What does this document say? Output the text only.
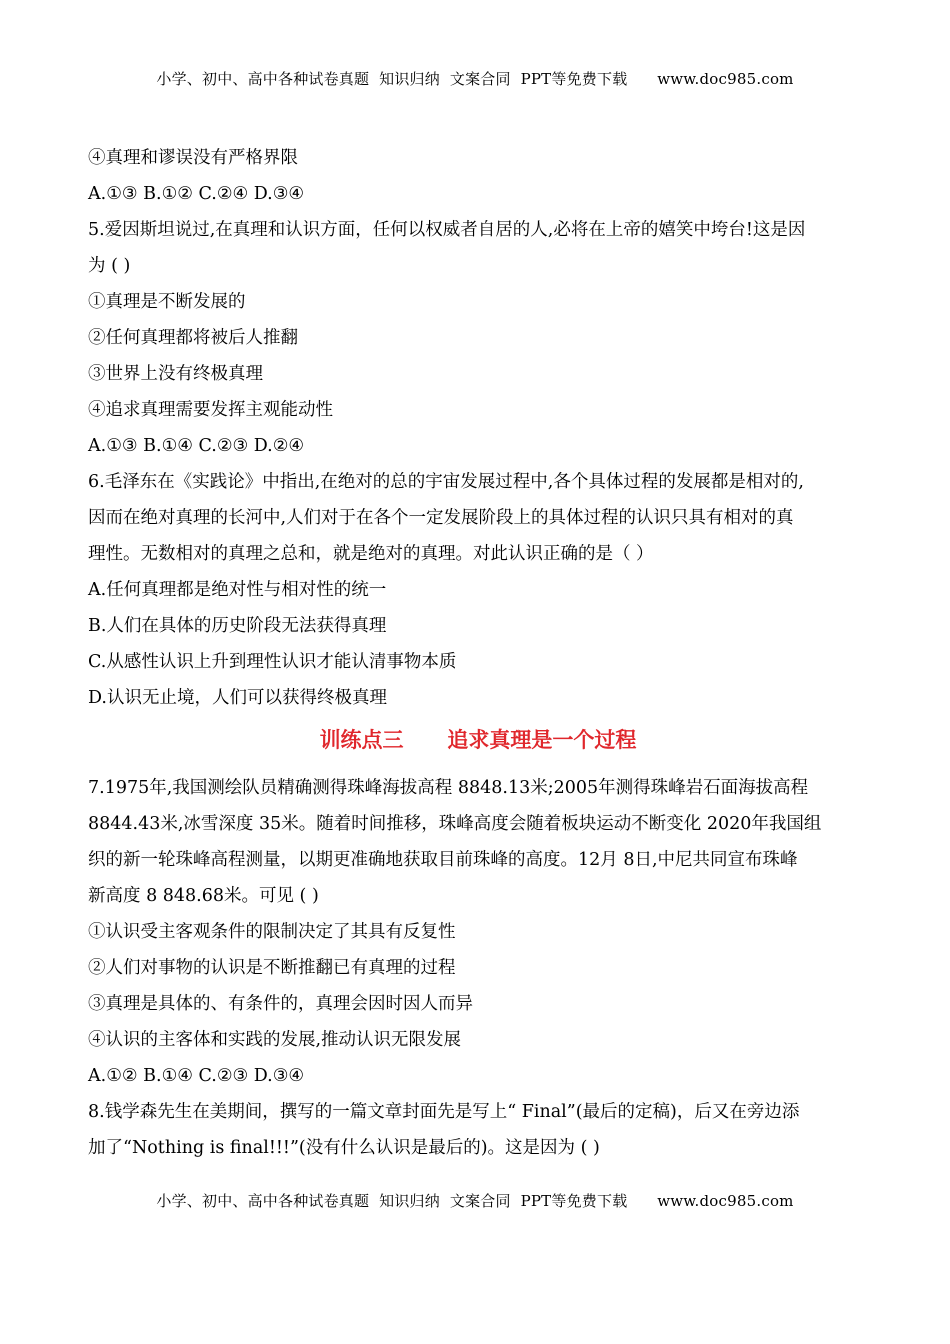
小学、初中、高中各种试卷真题  知识归纳  文案合同  PPT等免费下载      www.doc985.com
④真理和谬误没有严格界限
A.①③ B.①② C.②④ D.③④
5.爱因斯坦说过,在真理和认识方面，任何以权威者自居的人,必将在上帝的嬉笑中垮台!这是因
为 ( )
①真理是不断发展的
②任何真理都将被后人推翻
③世界上没有终极真理
④追求真理需要发挥主观能动性
A.①③ B.①④ C.②③ D.②④
6.毛泽东在《实践论》中指出,在绝对的总的宇宙发展过程中,各个具体过程的发展都是相对的,
因而在绝对真理的长河中,人们对于在各个一定发展阶段上的具体过程的认识只具有相对的真
理性。无数相对的真理之总和，就是绝对的真理。对此认识正确的是（ ）
A.任何真理都是绝对性与相对性的统一
B.人们在具体的历史阶段无法获得真理
C.从感性认识上升到理性认识才能认清事物本质
D.认识无止境，人们可以获得终极真理
训练点三      追求真理是一个过程
7.1975年,我国测绘队员精确测得珠峰海拔高程 8848.13米;2005年测得珠峰岩石面海拔高程
8844.43米,冰雪深度 35米。随着时间推移，珠峰高度会随着板块运动不断变化 2020年我国组
织的新一轮珠峰高程测量，以期更准确地获取目前珠峰的高度。12月 8日,中尼共同宣布珠峰
新高度 8 848.68米。可见 ( )
①认识受主客观条件的限制决定了其具有反复性
②人们对事物的认识是不断推翻已有真理的过程
③真理是具体的、有条件的，真理会因时因人而异
④认识的主客体和实践的发展,推动认识无限发展
A.①② B.①④ C.②③ D.③④
8.钱学森先生在美期间，撰写的一篇文章封面先是写上“ Final”(最后的定稿)，后又在旁边添
加了“Nothing is final!!!”(没有什么认识是最后的)。这是因为 ( )
小学、初中、高中各种试卷真题  知识归纳  文案合同  PPT等免费下载      www.doc985.com
